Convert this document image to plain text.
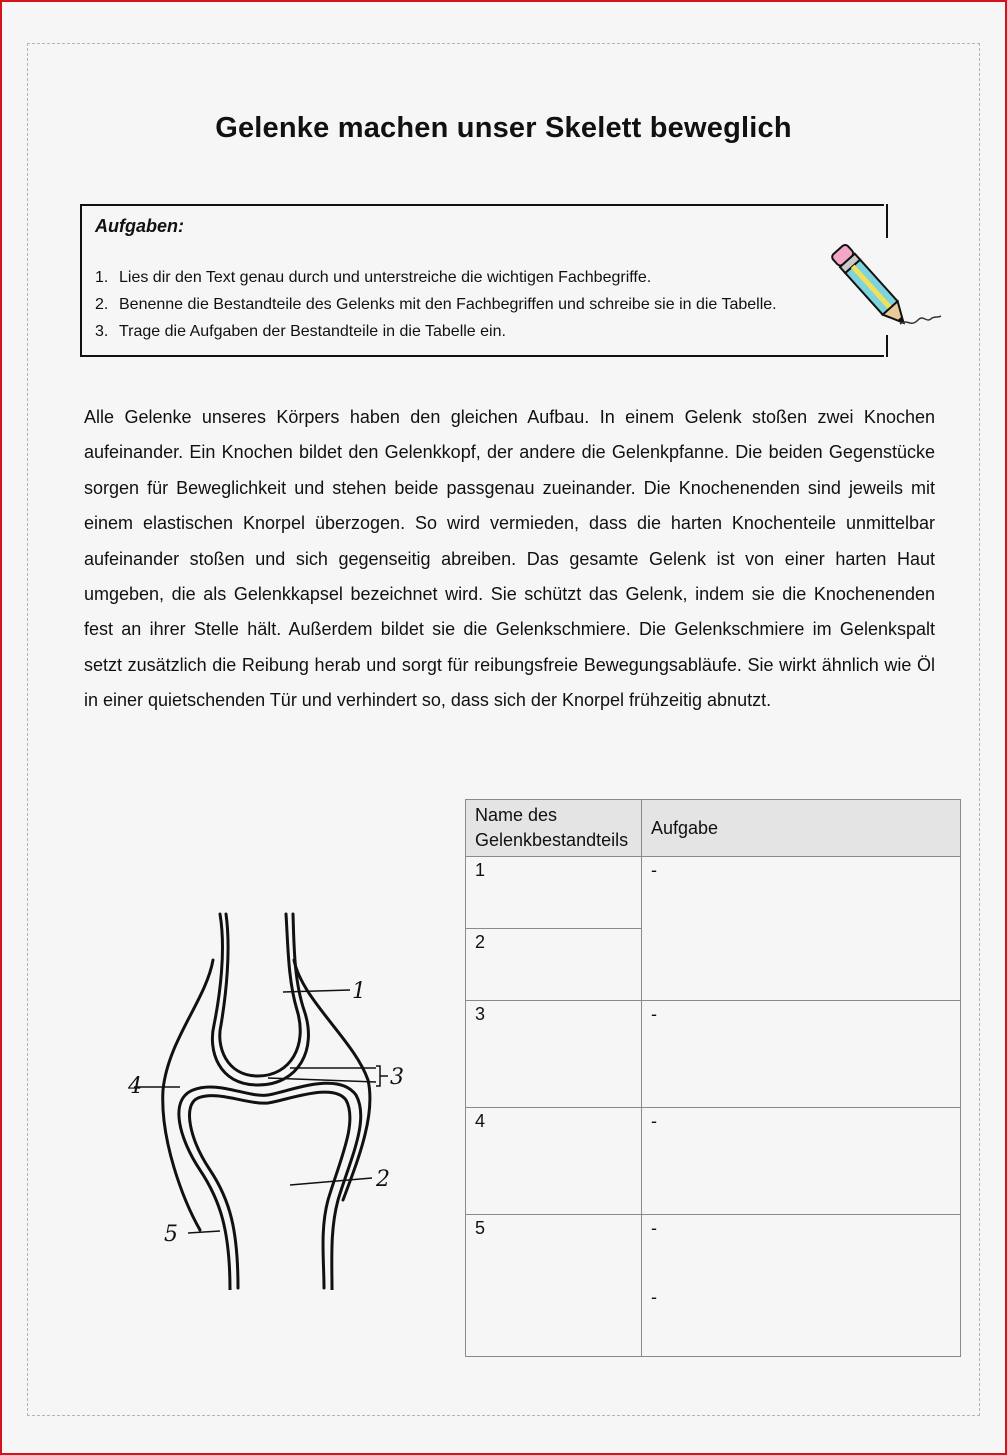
Gelenke machen unser Skelett beweglich
Aufgaben:
1. Lies dir den Text genau durch und unterstreiche die wichtigen Fachbegriffe.
2. Benenne die Bestandteile des Gelenks mit den Fachbegriffen und schreibe sie in die Tabelle.
3. Trage die Aufgaben der Bestandteile in die Tabelle ein.

Alle Gelenke unseres Körpers haben den gleichen Aufbau. In einem Gelenk stoßen zwei Knochen aufeinander. Ein Knochen bildet den Gelenkkopf, der andere die Gelenkpfanne. Die beiden Gegenstücke sorgen für Beweglichkeit und stehen beide passgenau zueinander. Die Knochenenden sind jeweils mit einem elastischen Knorpel überzogen. So wird vermieden, dass die harten Knochenteile unmittelbar aufeinander stoßen und sich gegenseitig abreiben. Das gesamte Gelenk ist von einer harten Haut umgeben, die als Gelenkkapsel bezeichnet wird. Sie schützt das Gelenk, indem sie die Knochenenden fest an ihrer Stelle hält. Außerdem bildet sie die Gelenkschmiere. Die Gelenkschmiere im Gelenkspalt setzt zusätzlich die Reibung herab und sorgt für reibungsfreie Bewegungsabläufe. Sie wirkt ähnlich wie Öl in einer quietschenden Tür und verhindert so, dass sich der Knorpel frühzeitig abnutzt.

1
2
3
4
5
Name des Gelenkbestandteils	Aufgabe
1	-
2	
3	-
4	-
5	-
-
